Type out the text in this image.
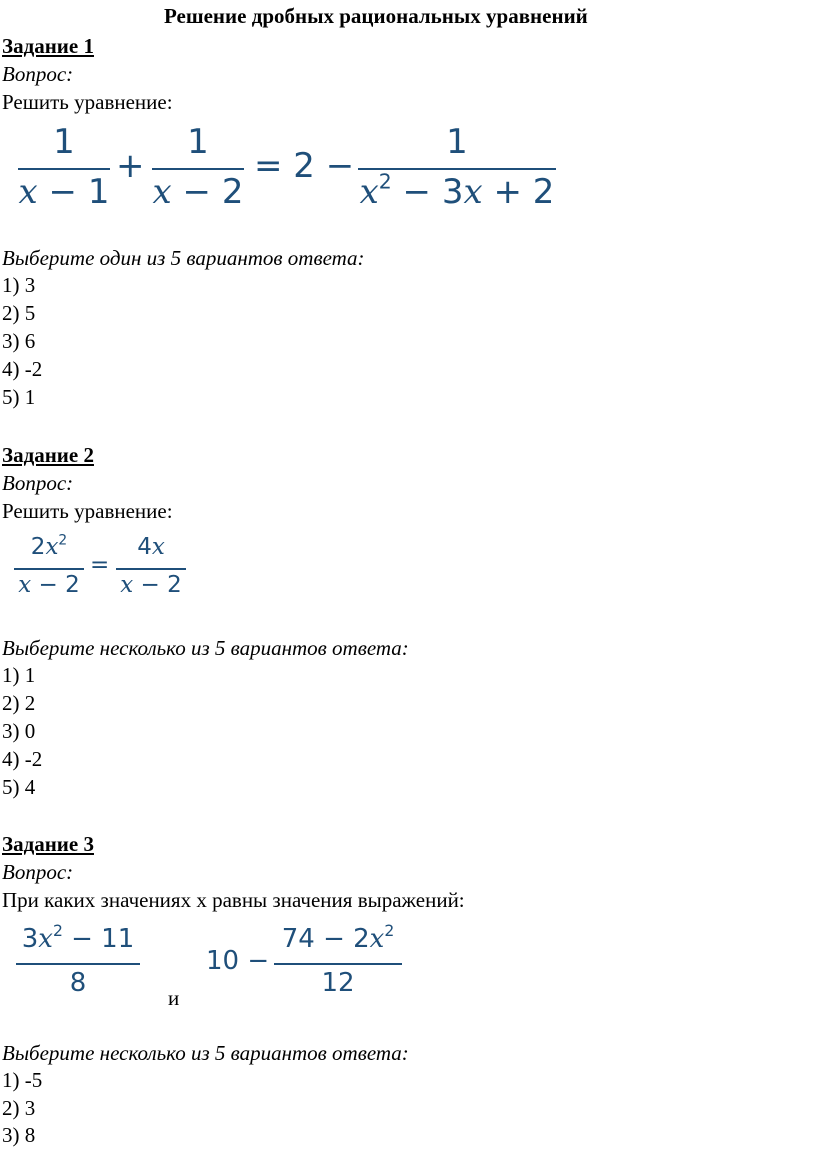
Решение дробных рациональных уравнений
Задание 1
Вопрос:
Решить уравнение:
1
x − 1
+
1
x − 2
= 2 −
1
$x^2 - 3x + 2$
Выберите один из 5 вариантов ответа:
1) 3
2) 5
3) 6
4) -2
5) 1
Задание 2
Вопрос:
Решить уравнение:
$2x^2$
x − 2
=
4x
x − 2
Выберите несколько из 5 вариантов ответа:
1) 1
2) 2
3) 0
4) -2
5) 4
Задание 3
Вопрос:
При каких значениях х равны значения выражений:
$3x^2 - 11$
8
10 −
$74 - 2x^2$
12
и
Выберите несколько из 5 вариантов ответа:
1) -5
2) 3
3) 8
